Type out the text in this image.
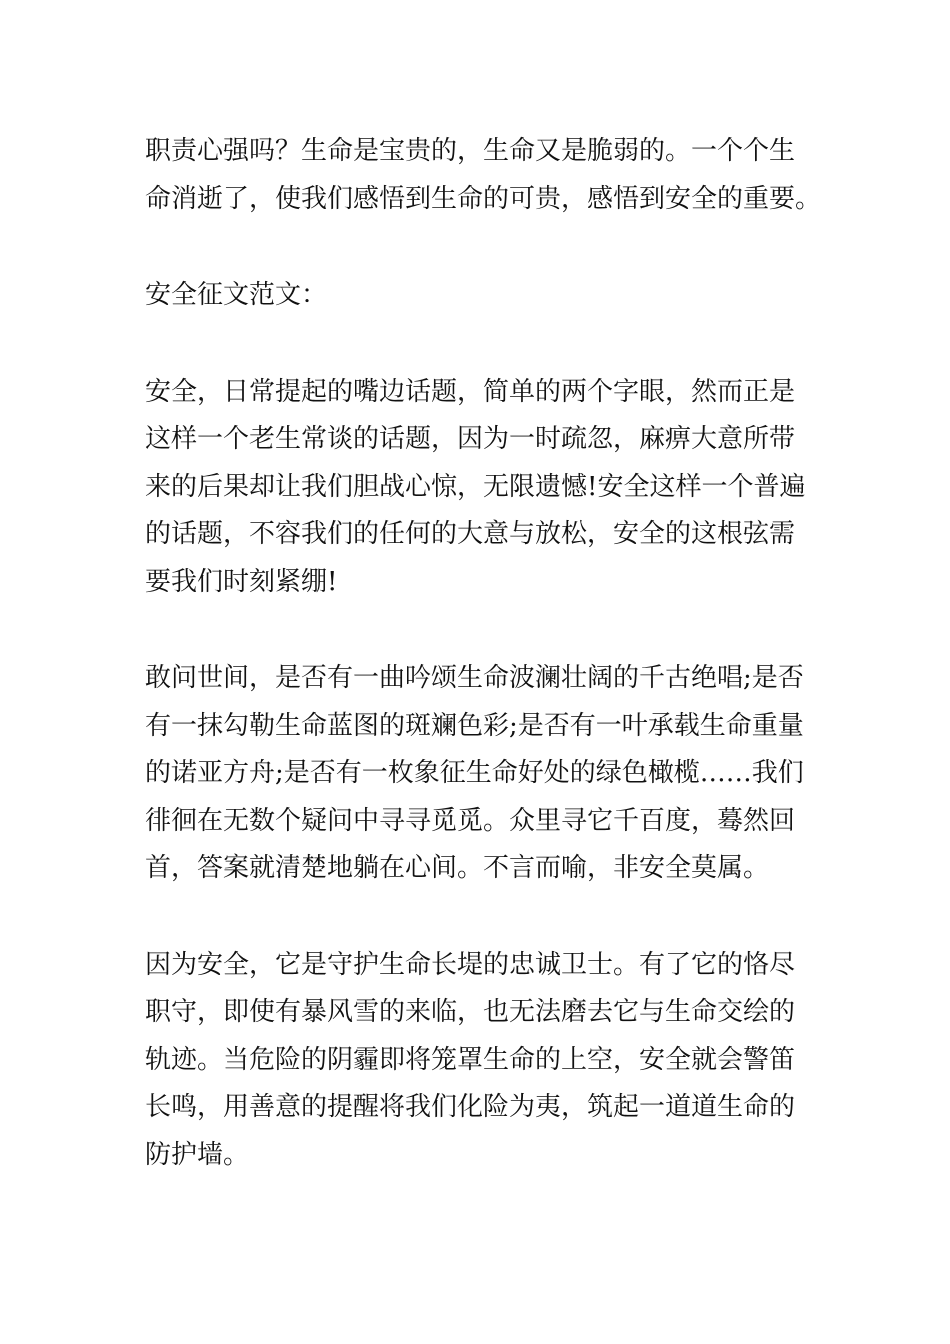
职责心强吗？生命是宝贵的，生命又是脆弱的。一个个生
命消逝了，使我们感悟到生命的可贵，感悟到安全的重要。

安全征文范文：

安全，日常提起的嘴边话题，简单的两个字眼，然而正是
这样一个老生常谈的话题，因为一时疏忽，麻痹大意所带
来的后果却让我们胆战心惊，无限遗憾!安全这样一个普遍
的话题，不容我们的任何的大意与放松，安全的这根弦需
要我们时刻紧绷!

敢问世间，是否有一曲吟颂生命波澜壮阔的千古绝唱;是否
有一抹勾勒生命蓝图的斑斓色彩;是否有一叶承载生命重量
的诺亚方舟;是否有一枚象征生命好处的绿色橄榄……我们
徘徊在无数个疑问中寻寻觅觅。众里寻它千百度，蓦然回
首，答案就清楚地躺在心间。不言而喻，非安全莫属。

因为安全，它是守护生命长堤的忠诚卫士。有了它的恪尽
职守，即使有暴风雪的来临，也无法磨去它与生命交绘的
轨迹。当危险的阴霾即将笼罩生命的上空，安全就会警笛
长鸣，用善意的提醒将我们化险为夷，筑起一道道生命的
防护墙。
